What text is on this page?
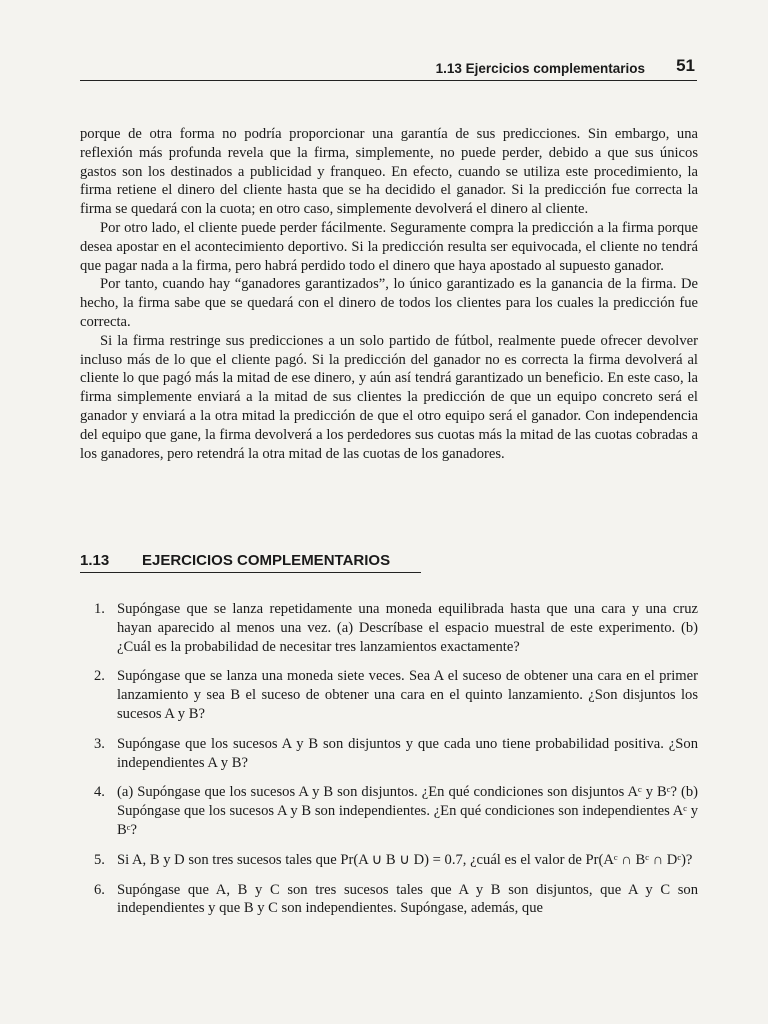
1.13 Ejercicios complementarios 51

porque de otra forma no podría proporcionar una garantía de sus predicciones. Sin embargo, una reflexión más profunda revela que la firma, simplemente, no puede perder, debido a que sus únicos gastos son los destinados a publicidad y franqueo. En efecto, cuando se utiliza este procedimiento, la firma retiene el dinero del cliente hasta que se ha decidido el ganador. Si la predicción fue correcta la firma se quedará con la cuota; en otro caso, simplemente devolverá el dinero al cliente.

Por otro lado, el cliente puede perder fácilmente. Seguramente compra la predicción a la firma porque desea apostar en el acontecimiento deportivo. Si la predicción resulta ser equivocada, el cliente no tendrá que pagar nada a la firma, pero habrá perdido todo el dinero que haya apostado al supuesto ganador.

Por tanto, cuando hay “ganadores garantizados”, lo único garantizado es la ganancia de la firma. De hecho, la firma sabe que se quedará con el dinero de todos los clientes para los cuales la predicción fue correcta.

Si la firma restringe sus predicciones a un solo partido de fútbol, realmente puede ofrecer devolver incluso más de lo que el cliente pagó. Si la predicción del ganador no es correcta la firma devolverá al cliente lo que pagó más la mitad de ese dinero, y aún así tendrá garantizado un beneficio. En este caso, la firma simplemente enviará a la mitad de sus clientes la predicción de que un equipo concreto será el ganador y enviará a la otra mitad la predicción de que el otro equipo será el ganador. Con independencia del equipo que gane, la firma devolverá a los perdedores sus cuotas más la mitad de las cuotas cobradas a los ganadores, pero retendrá la otra mitad de las cuotas de los ganadores.

1.13 EJERCICIOS COMPLEMENTARIOS
1. Supóngase que se lanza repetidamente una moneda equilibrada hasta que una cara y una cruz hayan aparecido al menos una vez. (a) Descríbase el espacio muestral de este experimento. (b) ¿Cuál es la probabilidad de necesitar tres lanzamientos exactamente?
2. Supóngase que se lanza una moneda siete veces. Sea A el suceso de obtener una cara en el primer lanzamiento y sea B el suceso de obtener una cara en el quinto lanzamiento. ¿Son disjuntos los sucesos A y B?
3. Supóngase que los sucesos A y B son disjuntos y que cada uno tiene probabilidad positiva. ¿Son independientes A y B?
4. (a) Supóngase que los sucesos A y B son disjuntos. ¿En qué condiciones son disjuntos Aᶜ y Bᶜ? (b) Supóngase que los sucesos A y B son independientes. ¿En qué condiciones son independientes Aᶜ y Bᶜ?
5. Si A, B y D son tres sucesos tales que Pr(A ∪ B ∪ D) = 0.7, ¿cuál es el valor de Pr(Aᶜ ∩ Bᶜ ∩ Dᶜ)?
6. Supóngase que A, B y C son tres sucesos tales que A y B son disjuntos, que A y C son independientes y que B y C son independientes. Supóngase, además, que
